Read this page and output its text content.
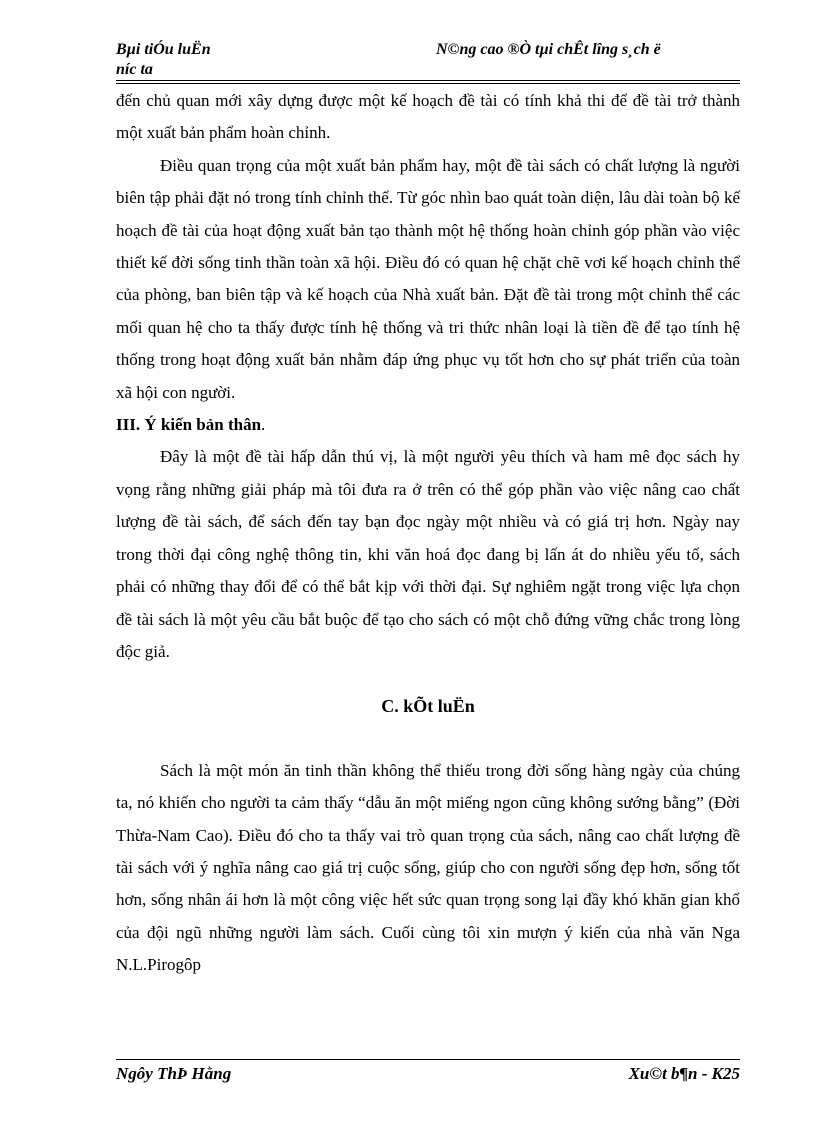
Bµi tiÓu luËn
níc ta
N©ng cao ®Ò tµi chÊt lîng s¸ch ë

đến chủ quan mới xây dựng được một kế hoạch đề tài có tính khả thi để đề tài trở thành một xuất bản phẩm hoàn chỉnh.

Điều quan trọng của một xuất bản phẩm hay, một đề tài sách có chất lượng là người biên tập phải đặt nó trong tính chỉnh thể. Từ góc nhìn bao quát toàn diện, lâu dài toàn bộ kế hoạch đề tài của hoạt động xuất bản tạo thành một hệ thống hoàn chỉnh góp phần vào việc thiết kế đời sống tinh thần toàn xã hội. Điều đó có quan hệ chặt chẽ vơi kế hoạch chỉnh thể của phòng, ban biên tập và kế hoạch của Nhà xuất bản. Đặt đề tài trong một chỉnh thể các mối quan hệ cho ta thấy được tính hệ thống và tri thức nhân loại là tiền đề để tạo tính hệ thống trong hoạt động xuất bản nhằm đáp ứng phục vụ tốt hơn cho sự phát triển của toàn xã hội con người.

III. Ý kiến bản thân.

Đây là một đề tài hấp dẫn thú vị, là một người yêu thích và ham mê đọc sách hy vọng rằng những giải pháp mà tôi đưa ra ở trên có thể góp phần vào việc nâng cao chất lượng đề tài sách, để sách đến tay bạn đọc ngày một nhiều và có giá trị hơn. Ngày nay trong thời đại công nghệ thông tin, khi văn hoá đọc đang bị lấn át do nhiều yếu tố, sách phải có những thay đổi để có thể bắt kịp với thời đại. Sự nghiêm ngặt trong việc lựa chọn đề tài sách là một yêu cầu bắt buộc để tạo cho sách có một chỗ đứng vững chắc trong lòng độc giả.

C. kÕt luËn

Sách là một món ăn tinh thần không thể thiếu trong đời sống hàng ngày của chúng ta, nó khiến cho người ta cảm thấy “dẫu ăn một miếng ngon cũng không sướng bằng” (Đời Thừa-Nam Cao). Điều đó cho ta thấy vai trò quan trọng của sách, nâng cao chất lượng đề tài sách với ý nghĩa nâng cao giá trị cuộc sống, giúp cho con người sống đẹp hơn, sống tốt hơn, sống nhân ái hơn là một công việc hết sức quan trọng song lại đầy khó khăn gian khổ của đội ngũ những người làm sách. Cuối cùng tôi xin mượn ý kiến của nhà văn Nga N.L.Pirogôp

Ngôy ThÞ Hằng	Xu©t b¶n - K25
